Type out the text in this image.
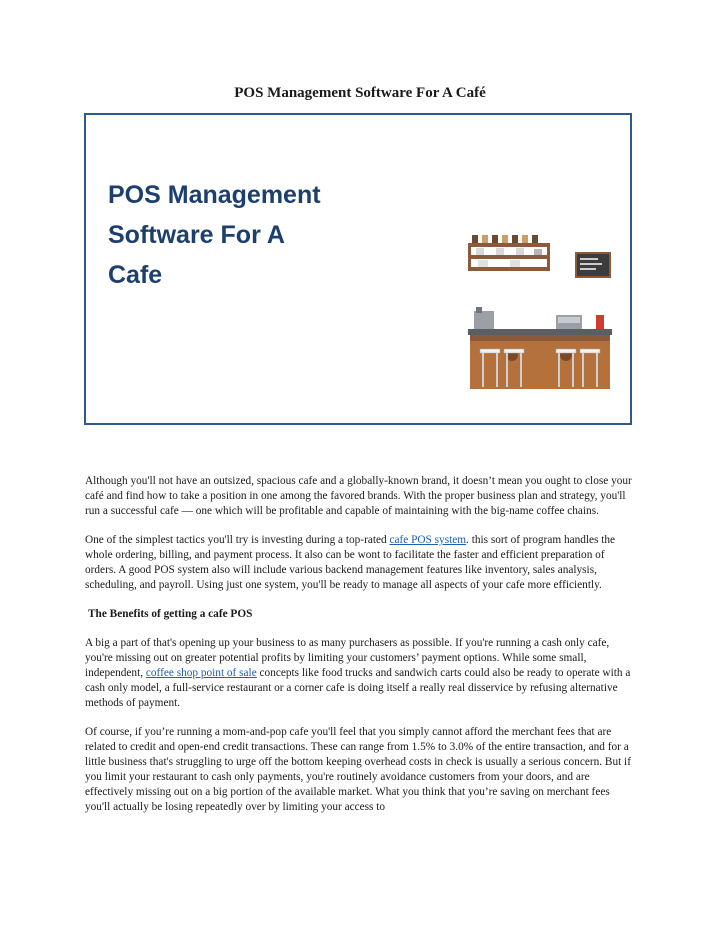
POS Management Software For A Café
POS Management
Software For A
Cafe

Although you'll not have an outsized, spacious cafe and a globally-known brand, it doesn’t mean you ought to close your café and find how to take a position in one among the favored brands. With the proper business plan and strategy, you'll run a successful cafe — one which will be profitable and capable of maintaining with the big-name coffee chains.

One of the simplest tactics you'll try is investing during a top-rated cafe POS system. this sort of program handles the whole ordering, billing, and payment process. It also can be wont to facilitate the faster and efficient preparation of orders. A good POS system also will include various backend management features like inventory, sales analysis, scheduling, and payroll. Using just one system, you'll be ready to manage all aspects of your cafe more efficiently.

The Benefits of getting a cafe POS

A big a part of that's opening up your business to as many purchasers as possible. If you're running a cash only cafe, you're missing out on greater potential profits by limiting your customers’ payment options. While some small, independent, coffee shop point of sale concepts like food trucks and sandwich carts could also be ready to operate with a cash only model, a full-service restaurant or a corner cafe is doing itself a really real disservice by refusing alternative methods of payment.

Of course, if you’re running a mom-and-pop cafe you'll feel that you simply cannot afford the merchant fees that are related to credit and open-end credit transactions. These can range from 1.5% to 3.0% of the entire transaction, and for a little business that's struggling to urge off the bottom keeping overhead costs in check is usually a serious concern. But if you limit your restaurant to cash only payments, you're routinely avoidance customers from your doors, and are effectively missing out on a big portion of the available market. What you think that you’re saving on merchant fees you'll actually be losing repeatedly over by limiting your access to
